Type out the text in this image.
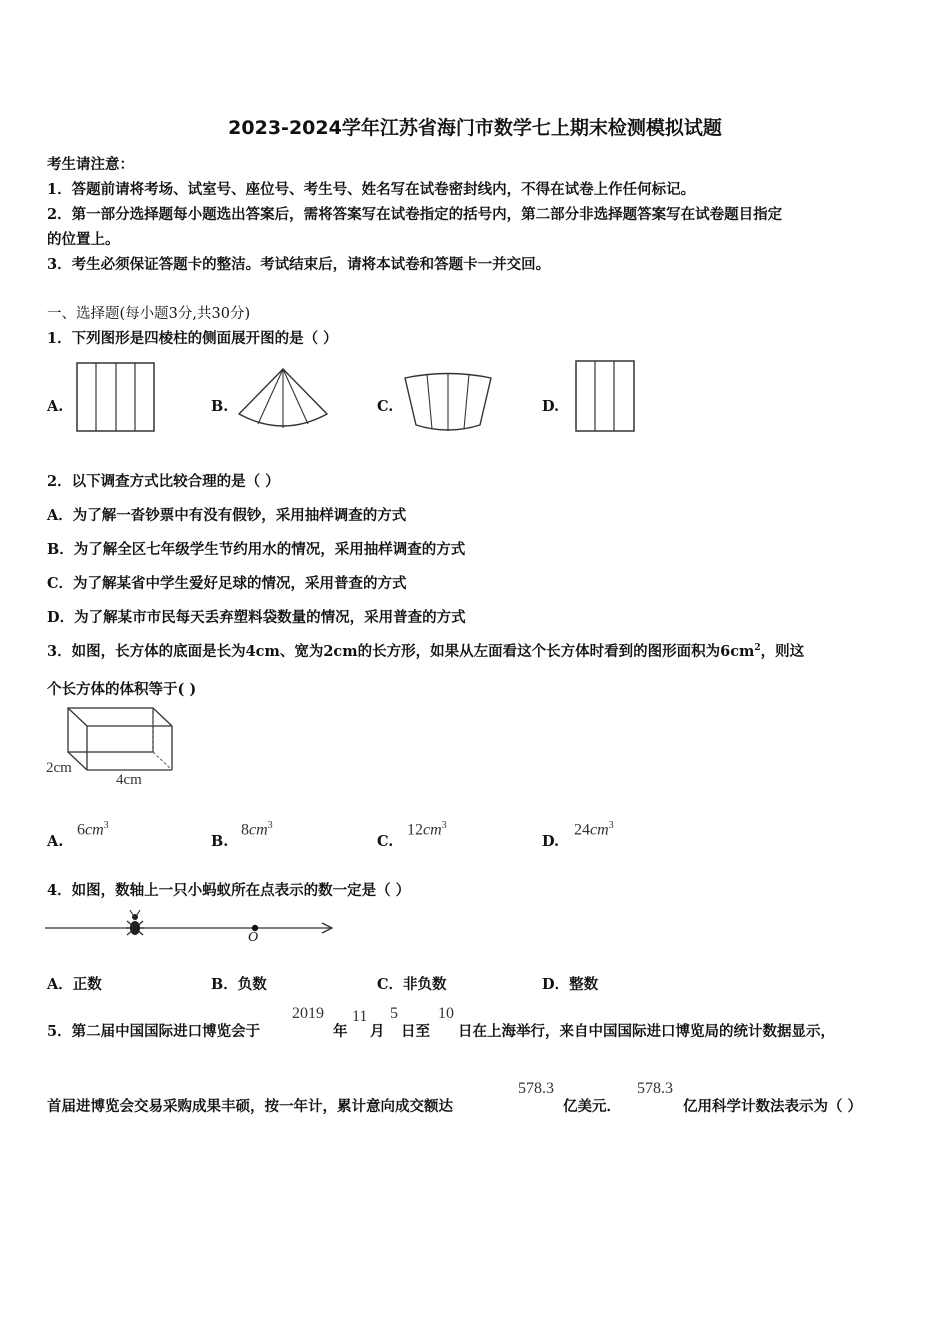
2023-2024学年江苏省海门市数学七上期末检测模拟试题
考生请注意：
1．答题前请将考场、试室号、座位号、考生号、姓名写在试卷密封线内，不得在试卷上作任何标记。
2．第一部分选择题每小题选出答案后，需将答案写在试卷指定的括号内，第二部分非选择题答案写在试卷题目指定
的位置上。
3．考生必须保证答题卡的整洁。考试结束后，请将本试卷和答题卡一并交回。
一、选择题(每小题3分,共30分)
1．下列图形是四棱柱的侧面展开图的是（ ）
A.	B.	C.	D.
2．以下调查方式比较合理的是（ ）
A．为了解一沓钞票中有没有假钞，采用抽样调查的方式
B．为了解全区七年级学生节约用水的情况，采用抽样调查的方式
C．为了解某省中学生爱好足球的情况，采用普查的方式
D．为了解某市市民每天丢弃塑料袋数量的情况，采用普查的方式
3．如图，长方体的底面是长为4cm、宽为2cm的长方形，如果从左面看这个长方体时看到的图形面积为$6cm^2$，则这
个长方体的体积等于( )
2cm
4cm
A.
$6cm^3$
B.
$8cm^3$
C.
$12cm^3$
D.
$24cm^3$
4．如图，数轴上一只小蚂蚁所在点表示的数一定是（ ）
O
A．正数	B．负数	C．非负数	D．整数
5．第二届中国国际进口博览会于
2019
年
11
月
5
日至
10
日在上海举行，来自中国国际进口博览局的统计数据显示，
首届进博览会交易采购成果丰硕，按一年计，累计意向成交额达
578.3
亿美元．
578.3
亿用科学计数法表示为（ ）
